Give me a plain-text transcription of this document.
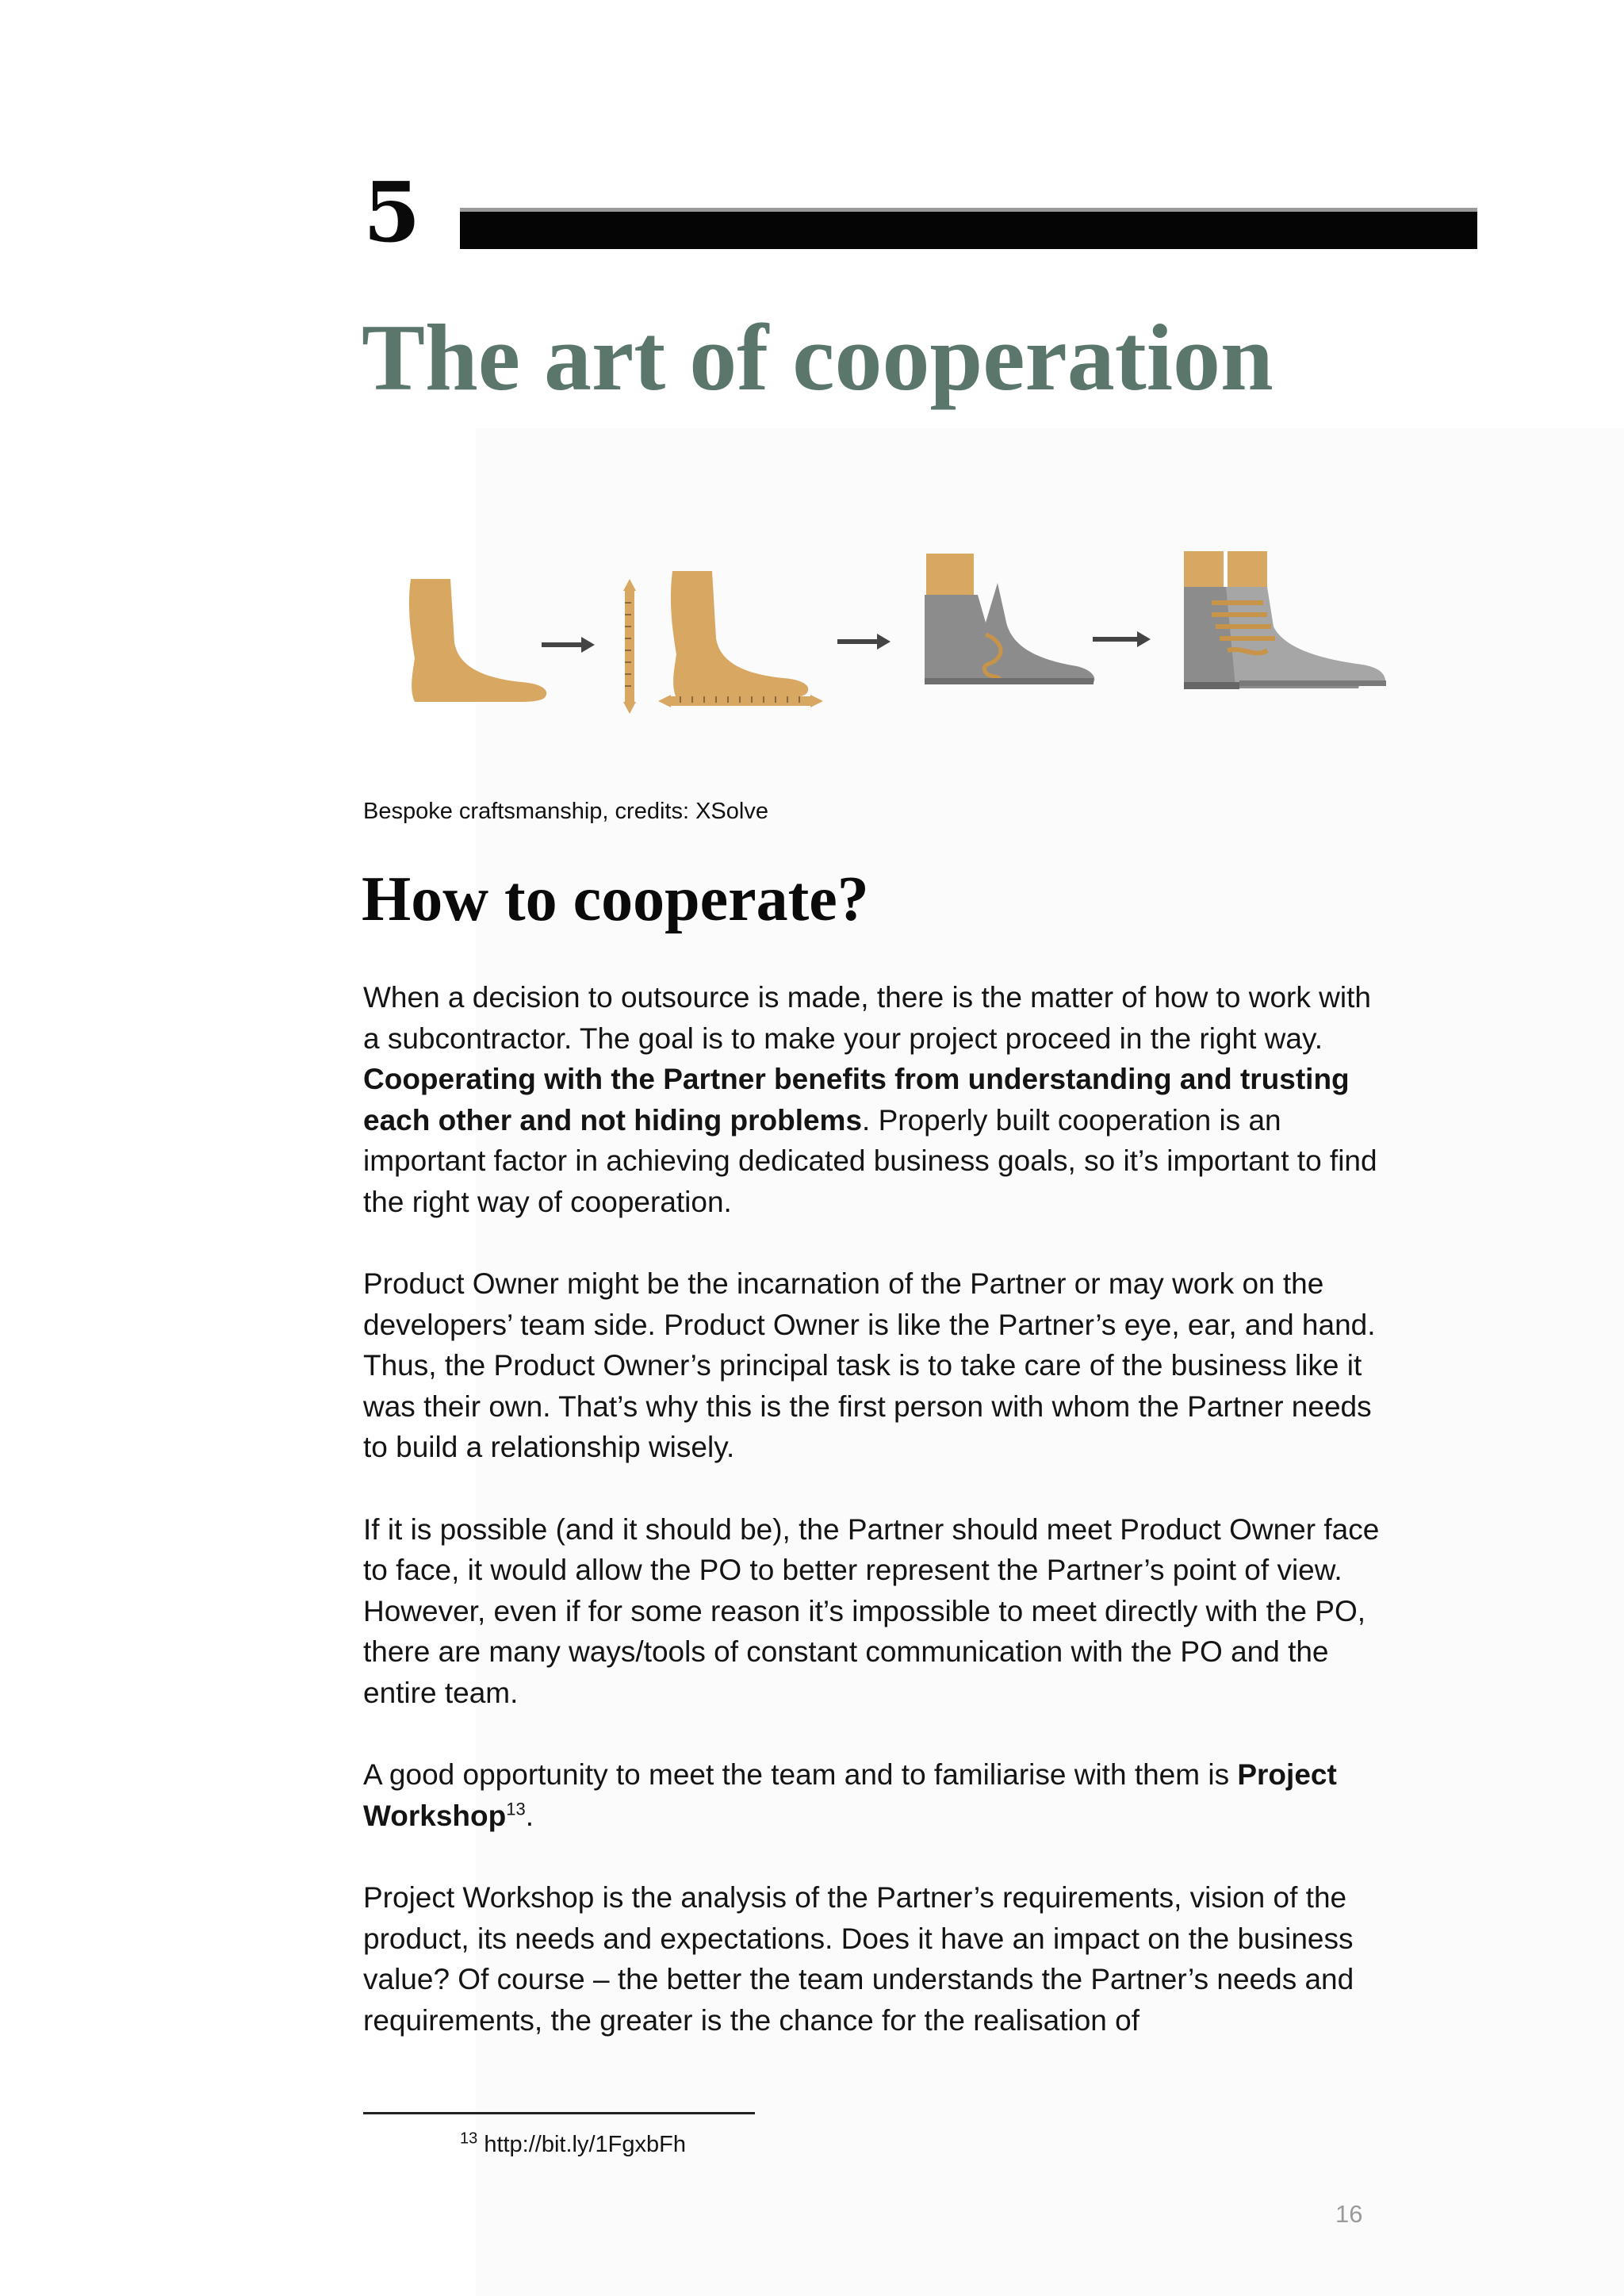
5
The art of cooperation
Bespoke craftsmanship, credits: XSolve
How to cooperate?

When a decision to outsource is made, there is the matter of how to work with a subcontractor. The goal is to make your project proceed in the right way. Cooperating with the Partner benefits from understanding and trusting each other and not hiding problems. Properly built cooperation is an important factor in achieving dedicated business goals, so it’s important to find the right way of cooperation.

Product Owner might be the incarnation of the Partner or may work on the developers’ team side. Product Owner is like the Partner’s eye, ear, and hand. Thus, the Product Owner’s principal task is to take care of the business like it was their own. That’s why this is the first person with whom the Partner needs to build a relationship wisely.

If it is possible (and it should be), the Partner should meet Product Owner face to face, it would allow the PO to better represent the Partner’s point of view. However, even if for some reason it’s impossible to meet directly with the PO, there are many ways/tools of constant communication with the PO and the entire team.

A good opportunity to meet the team and to familiarise with them is Project Workshop$^{13}$.

Project Workshop is the analysis of the Partner’s requirements, vision of the product, its needs and expectations. Does it have an impact on the business value? Of course – the better the team understands the Partner’s needs and requirements, the greater is the chance for the realisation of

$^{13}$ http://bit.ly/1FgxbFh
16
